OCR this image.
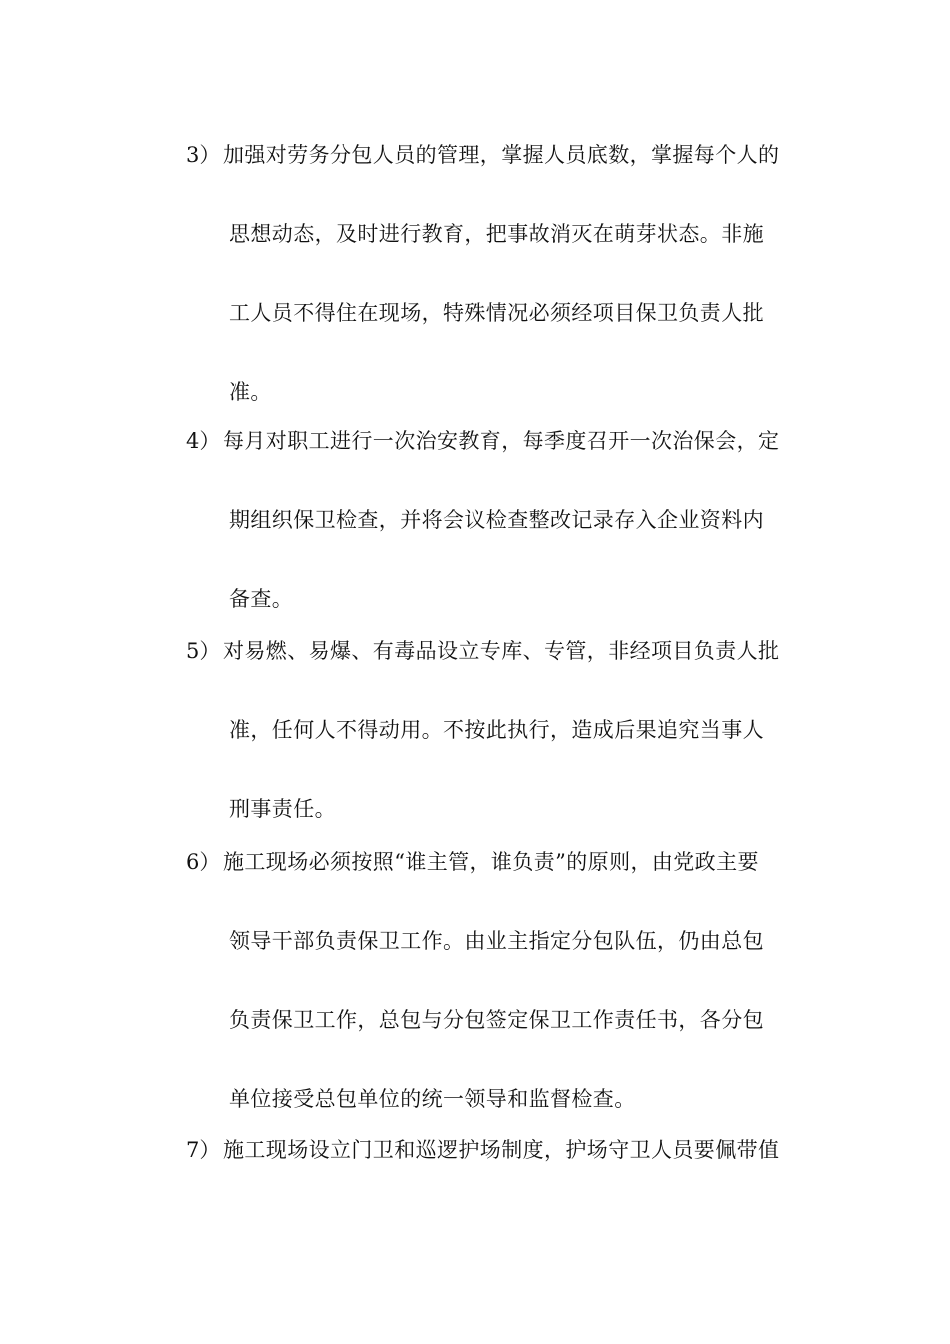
3） 加强对劳务分包人员的管理，掌握人员底数，掌握每个人的
思想动态，及时进行教育，把事故消灭在萌芽状态。非施
工人员不得住在现场，特殊情况必须经项目保卫负责人批
准。
4） 每月对职工进行一次治安教育，每季度召开一次治保会，定
期组织保卫检查，并将会议检查整改记录存入企业资料内
备查。
5） 对易燃、易爆、有毒品设立专库、专管，非经项目负责人批
准，任何人不得动用。不按此执行，造成后果追究当事人
刑事责任。
6） 施工现场必须按照“谁主管，谁负责”的原则，由党政主要
领导干部负责保卫工作。由业主指定分包队伍，仍由总包
负责保卫工作，总包与分包签定保卫工作责任书，各分包
单位接受总包单位的统一领导和监督检查。
7） 施工现场设立门卫和巡逻护场制度，护场守卫人员要佩带值
